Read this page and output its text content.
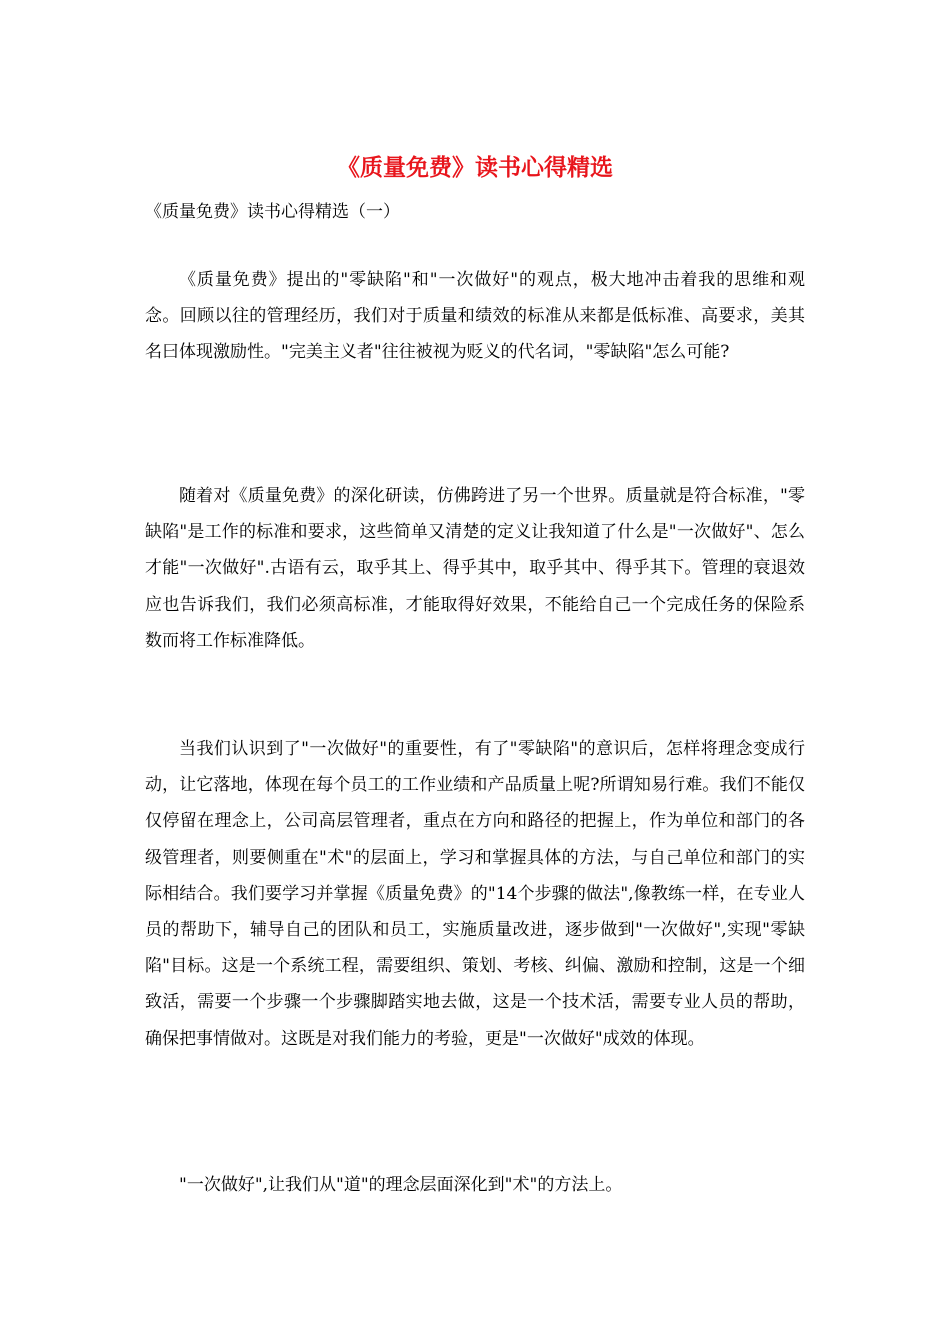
《质量免费》读书心得精选

《质量免费》读书心得精选（一）

《质量免费》提出的"零缺陷"和"一次做好"的观点，极大地冲击着我的思维和观念。回顾以往的管理经历，我们对于质量和绩效的标准从来都是低标准、高要求，美其名曰体现激励性。"完美主义者"往往被视为贬义的代名词，"零缺陷"怎么可能?

随着对《质量免费》的深化研读，仿佛跨进了另一个世界。质量就是符合标准，"零缺陷"是工作的标准和要求，这些简单又清楚的定义让我知道了什么是"一次做好"、怎么才能"一次做好".古语有云，取乎其上、得乎其中，取乎其中、得乎其下。管理的衰退效应也告诉我们，我们必须高标准，才能取得好效果，不能给自己一个完成任务的保险系数而将工作标准降低。

当我们认识到了"一次做好"的重要性，有了"零缺陷"的意识后，怎样将理念变成行动，让它落地，体现在每个员工的工作业绩和产品质量上呢?所谓知易行难。我们不能仅仅停留在理念上，公司高层管理者，重点在方向和路径的把握上，作为单位和部门的各级管理者，则要侧重在"术"的层面上，学习和掌握具体的方法，与自己单位和部门的实际相结合。我们要学习并掌握《质量免费》的"14个步骤的做法",像教练一样，在专业人员的帮助下，辅导自己的团队和员工，实施质量改进，逐步做到"一次做好",实现"零缺陷"目标。这是一个系统工程，需要组织、策划、考核、纠偏、激励和控制，这是一个细致活，需要一个步骤一个步骤脚踏实地去做，这是一个技术活，需要专业人员的帮助，确保把事情做对。这既是对我们能力的考验，更是"一次做好"成效的体现。

"一次做好",让我们从"道"的理念层面深化到"术"的方法上。
